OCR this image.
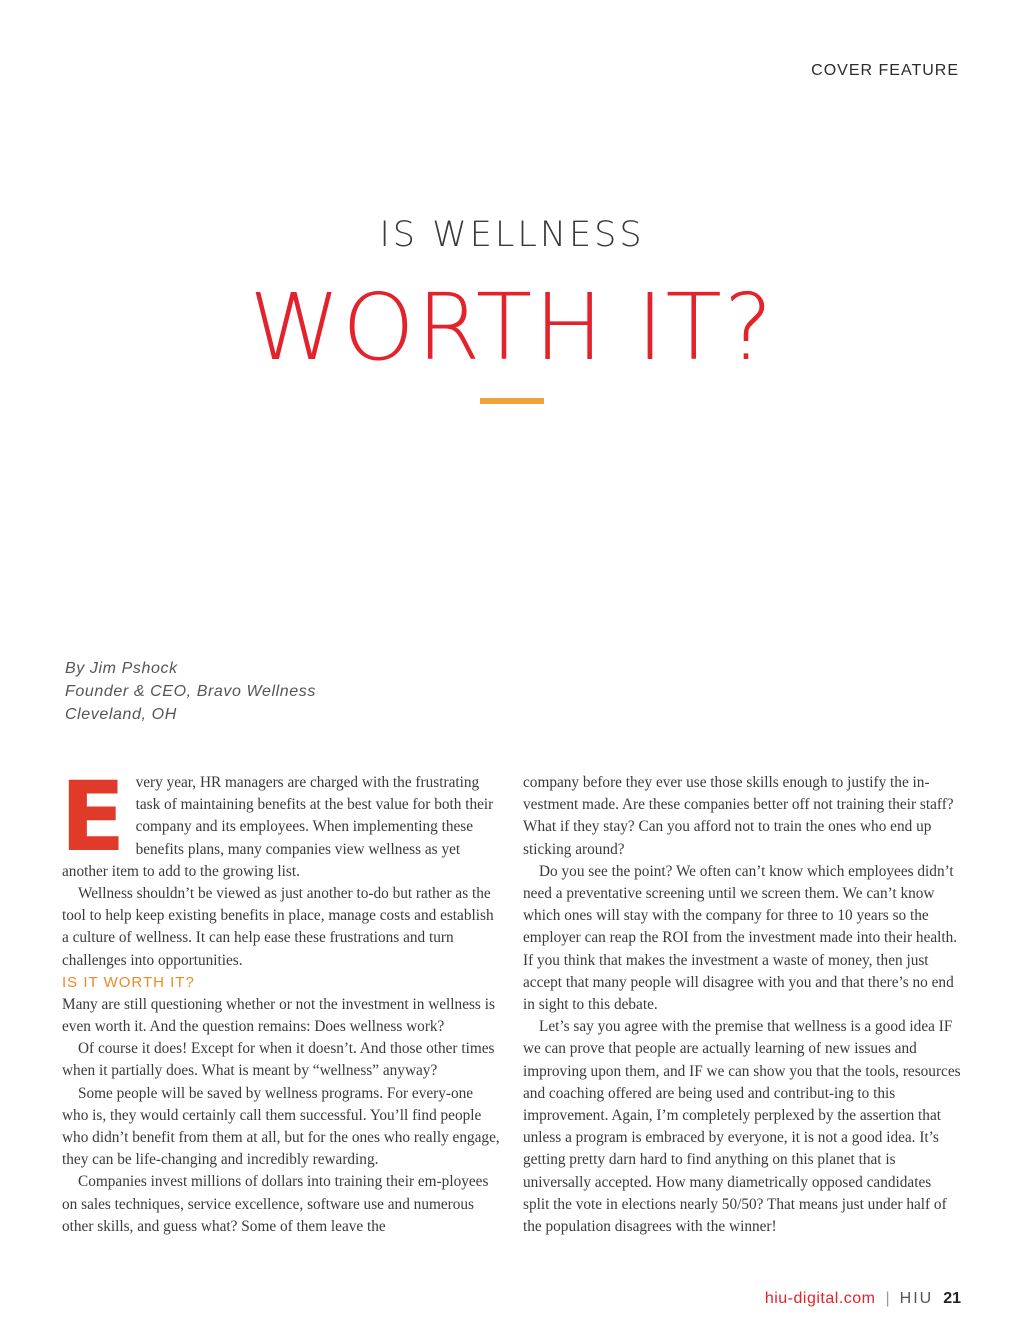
COVER FEATURE
IS WELLNESS
WORTH IT?
By Jim Pshock
Founder & CEO, Bravo Wellness
Cleveland, OH

Every year, HR managers are charged with the frustrating task of maintaining benefits at the best value for both their company and its employees. When implementing these benefits plans, many companies view wellness as yet another item to add to the growing list.

Wellness shouldn’t be viewed as just another to-do but rather as the tool to help keep existing benefits in place, manage costs and establish a culture of wellness. It can help ease these frustrations and turn challenges into opportunities.

IS IT WORTH IT?

Many are still questioning whether or not the investment in wellness is even worth it. And the question remains: Does wellness work?

Of course it does! Except for when it doesn’t. And those other times when it partially does. What is meant by “wellness” anyway?

Some people will be saved by wellness programs. For every-one who is, they would certainly call them successful. You’ll find people who didn’t benefit from them at all, but for the ones who really engage, they can be life-changing and incredibly rewarding.

Companies invest millions of dollars into training their em-ployees on sales techniques, service excellence, software use and numerous other skills, and guess what? Some of them leave the

company before they ever use those skills enough to justify the in-vestment made. Are these companies better off not training their staff? What if they stay? Can you afford not to train the ones who end up sticking around?

Do you see the point? We often can’t know which employees didn’t need a preventative screening until we screen them. We can’t know which ones will stay with the company for three to 10 years so the employer can reap the ROI from the investment made into their health. If you think that makes the investment a waste of money, then just accept that many people will disagree with you and that there’s no end in sight to this debate.

Let’s say you agree with the premise that wellness is a good idea IF we can prove that people are actually learning of new issues and improving upon them, and IF we can show you that the tools, resources and coaching offered are being used and contribut-ing to this improvement. Again, I’m completely perplexed by the assertion that unless a program is embraced by everyone, it is not a good idea. It’s getting pretty darn hard to find anything on this planet that is universally accepted. How many diametrically opposed candidates split the vote in elections nearly 50/50? That means just under half of the population disagrees with the winner!

hiu-digital.com | HIU 21
